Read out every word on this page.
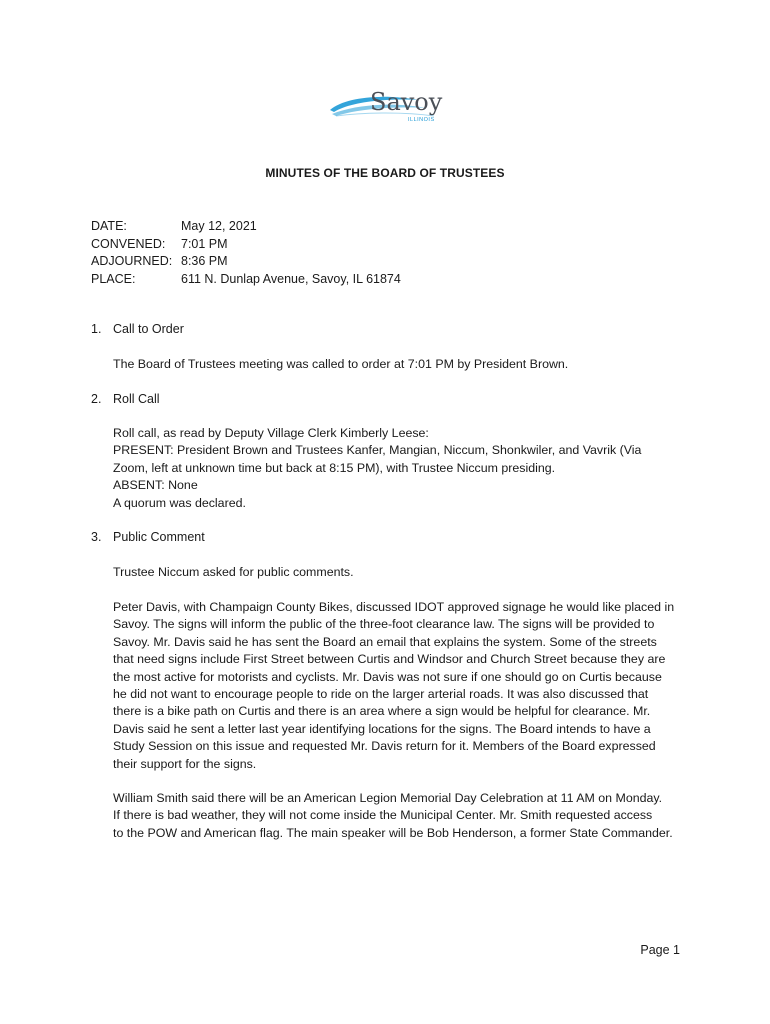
Savoy
ILLINOIS
MINUTES OF THE BOARD OF TRUSTEES
DATE:	May 12, 2021
CONVENED: 7:01 PM
ADJOURNED: 8:36 PM
PLACE:	611 N. Dunlap Avenue, Savoy, IL 61874
1. Call to Order
The Board of Trustees meeting was called to order at 7:01 PM by President Brown.
2. Roll Call
Roll call, as read by Deputy Village Clerk Kimberly Leese:
PRESENT: President Brown and Trustees Kanfer, Mangian, Niccum, Shonkwiler, and Vavrik (Via
Zoom, left at unknown time but back at 8:15 PM), with Trustee Niccum presiding.
ABSENT: None
A quorum was declared.
3. Public Comment
Trustee Niccum asked for public comments.
Peter Davis, with Champaign County Bikes, discussed IDOT approved signage he would like placed in
Savoy. The signs will inform the public of the three-foot clearance law. The signs will be provided to
Savoy. Mr. Davis said he has sent the Board an email that explains the system. Some of the streets
that need signs include First Street between Curtis and Windsor and Church Street because they are
the most active for motorists and cyclists. Mr. Davis was not sure if one should go on Curtis because
he did not want to encourage people to ride on the larger arterial roads. It was also discussed that
there is a bike path on Curtis and there is an area where a sign would be helpful for clearance. Mr.
Davis said he sent a letter last year identifying locations for the signs. The Board intends to have a
Study Session on this issue and requested Mr. Davis return for it. Members of the Board expressed
their support for the signs.
William Smith said there will be an American Legion Memorial Day Celebration at 11 AM on Monday.
If there is bad weather, they will not come inside the Municipal Center. Mr. Smith requested access
to the POW and American flag. The main speaker will be Bob Henderson, a former State Commander.
Page 1
